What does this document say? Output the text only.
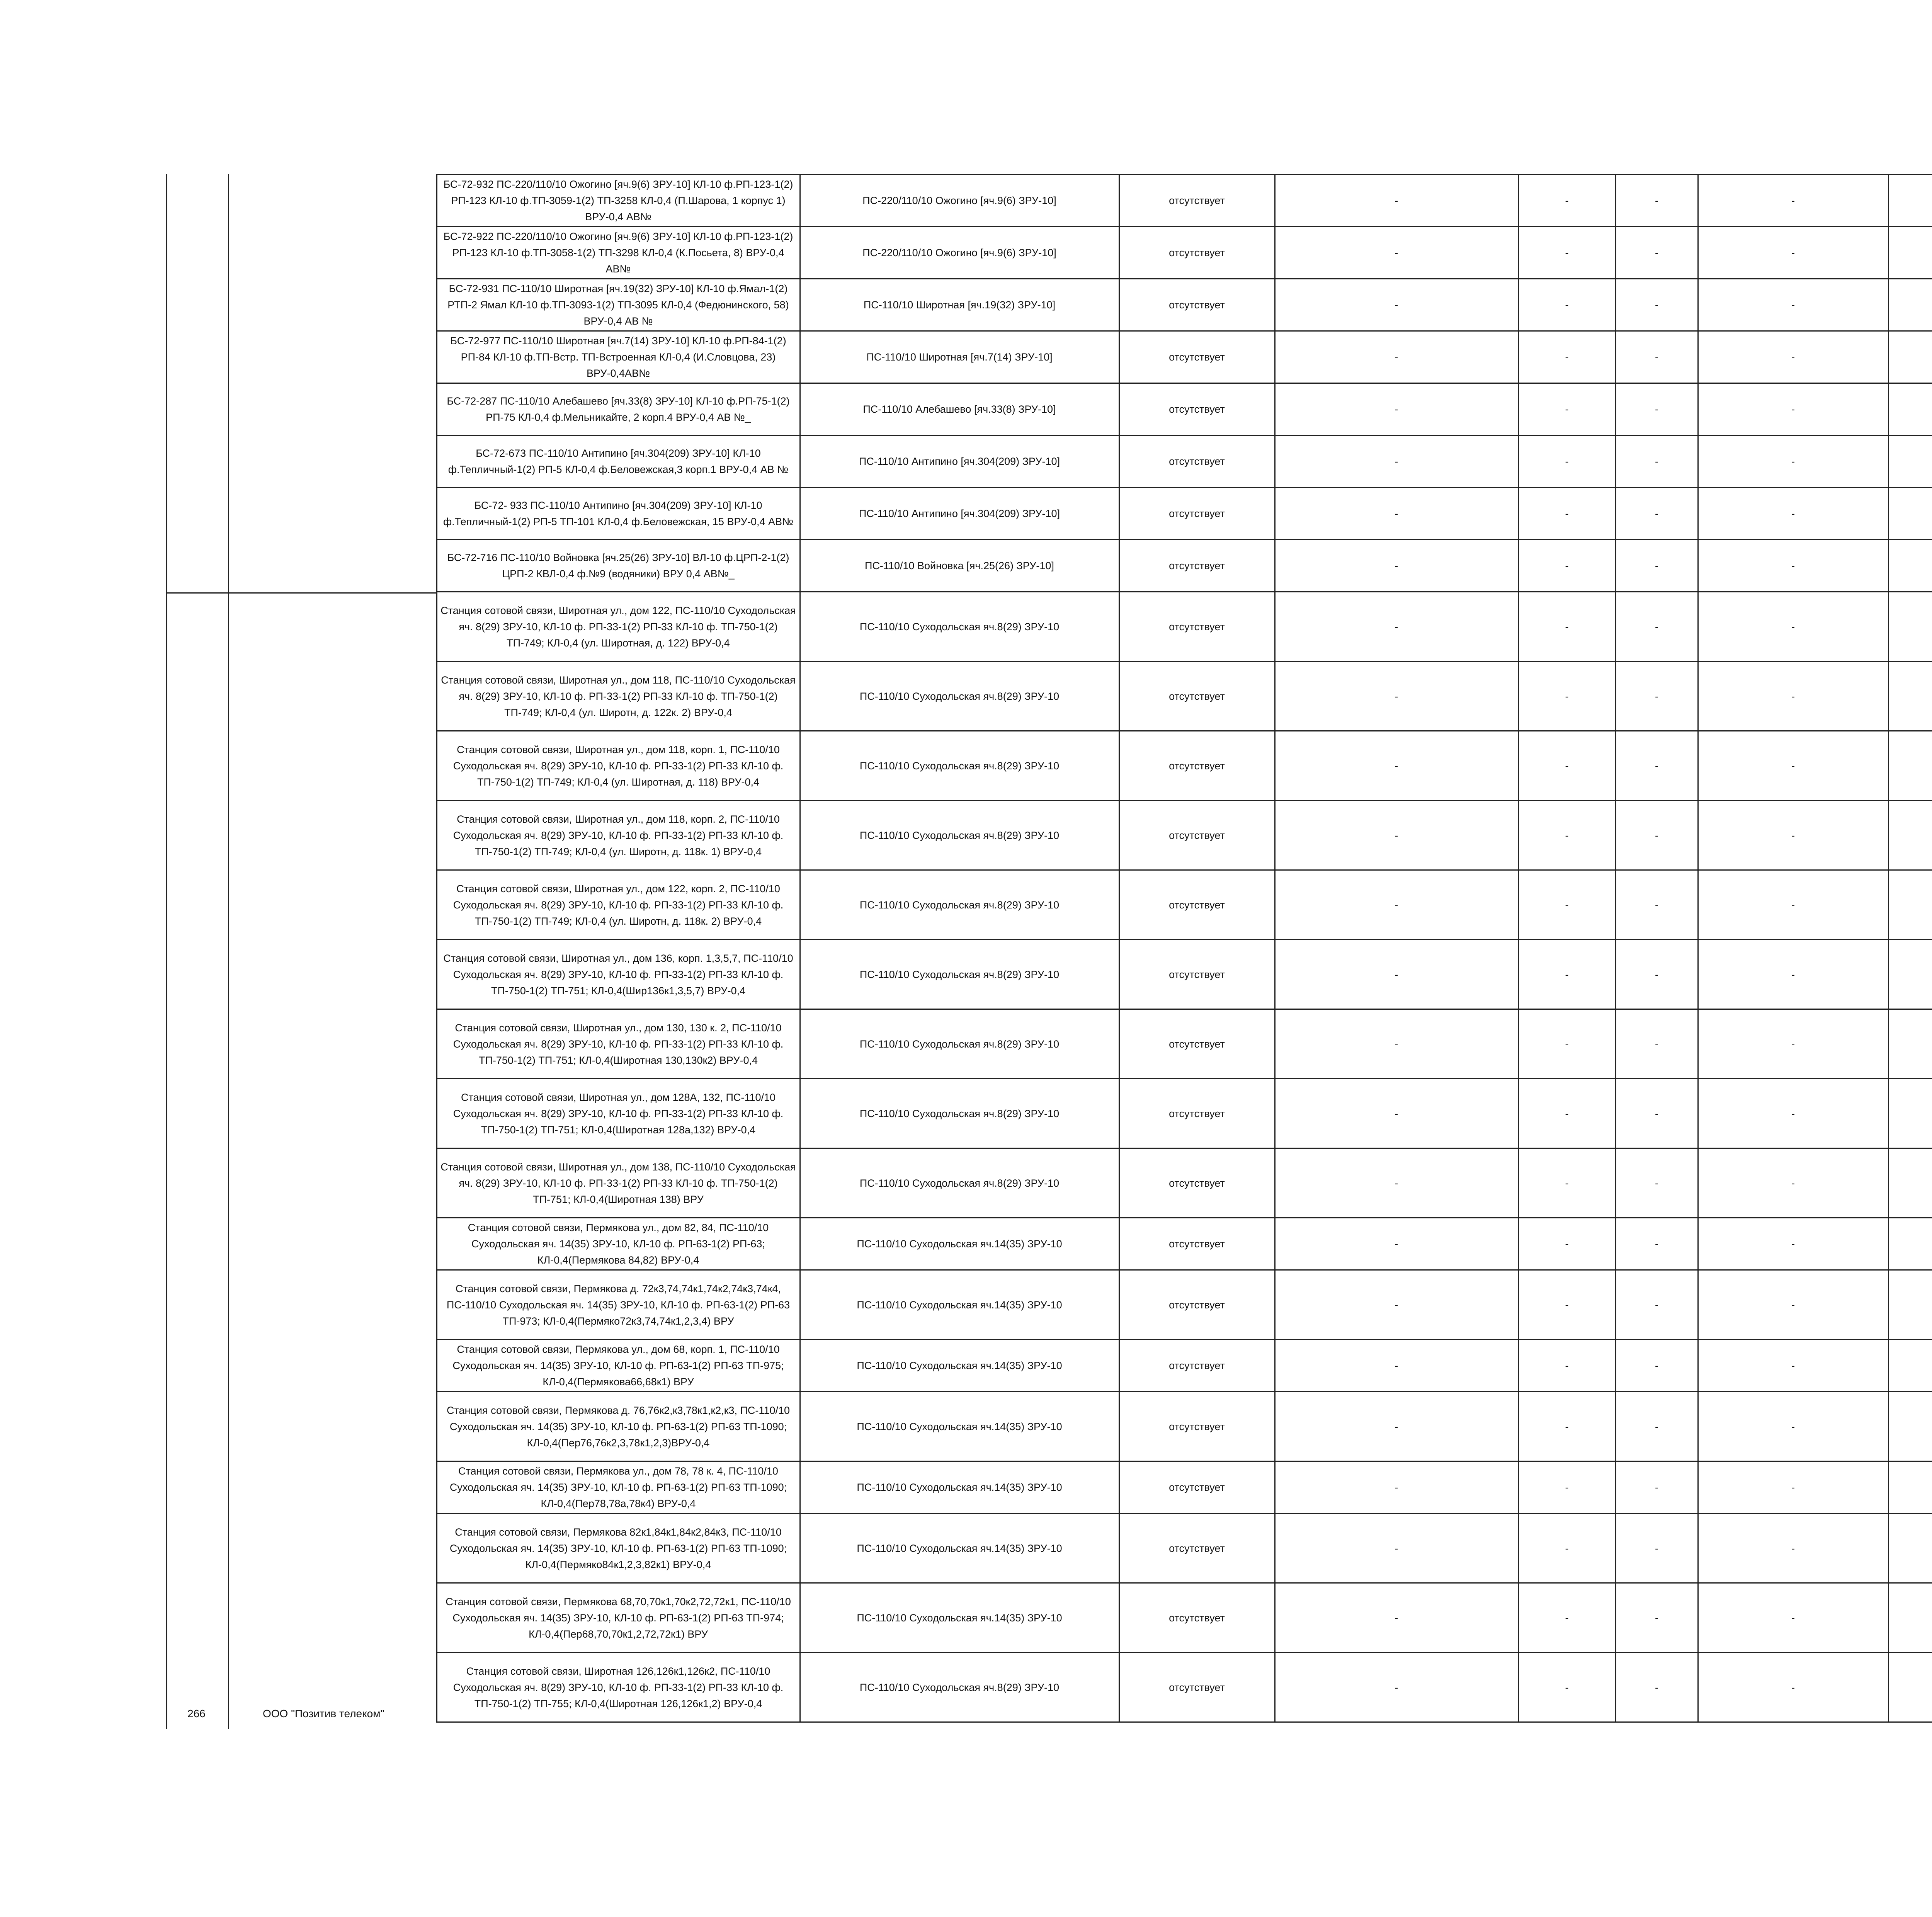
	БС-72-932 ПС-220/110/10 Ожогино [яч.9(6) ЗРУ-10] КЛ-10 ф.РП-123-1(2) РП-123 КЛ-10 ф.ТП-3059-1(2) ТП-3258 КЛ-0,4 (П.Шарова, 1 корпус 1) ВРУ-0,4 АВ№	ПС-220/110/10 Ожогино [яч.9(6) ЗРУ-10]	отсутствует	-	-	-	-		
	БС-72-922 ПС-220/110/10 Ожогино [яч.9(6) ЗРУ-10] КЛ-10 ф.РП-123-1(2) РП-123 КЛ-10 ф.ТП-3058-1(2) ТП-3298 КЛ-0,4 (К.Посьета, 8) ВРУ-0,4 АВ№	ПС-220/110/10 Ожогино [яч.9(6) ЗРУ-10]	отсутствует	-	-	-	-		
	БС-72-931 ПС-110/10 Широтная [яч.19(32) ЗРУ-10] КЛ-10 ф.Ямал-1(2) РТП-2 Ямал КЛ-10 ф.ТП-3093-1(2) ТП-3095 КЛ-0,4 (Федюнинского, 58) ВРУ-0,4 АВ №	ПС-110/10 Широтная [яч.19(32) ЗРУ-10]	отсутствует	-	-	-	-		
	БС-72-977 ПС-110/10 Широтная [яч.7(14) ЗРУ-10] КЛ-10 ф.РП-84-1(2) РП-84 КЛ-10 ф.ТП-Встр. ТП-Встроенная КЛ-0,4 (И.Словцова, 23) ВРУ-0,4АВ№	ПС-110/10 Широтная [яч.7(14) ЗРУ-10]	отсутствует	-	-	-	-		
	БС-72-287 ПС-110/10 Алебашево [яч.33(8) ЗРУ-10] КЛ-10 ф.РП-75-1(2) РП-75 КЛ-0,4 ф.Мельникайте, 2 корп.4 ВРУ-0,4 АВ №_	ПС-110/10 Алебашево [яч.33(8) ЗРУ-10]	отсутствует	-	-	-	-		
	БС-72-673 ПС-110/10 Антипино [яч.304(209) ЗРУ-10] КЛ-10 ф.Тепличный-1(2) РП-5 КЛ-0,4 ф.Беловежская,3 корп.1 ВРУ-0,4 АВ №	ПС-110/10 Антипино [яч.304(209) ЗРУ-10]	отсутствует	-	-	-	-		
	БС-72- 933 ПС-110/10 Антипино [яч.304(209) ЗРУ-10] КЛ-10 ф.Тепличный-1(2) РП-5 ТП-101 КЛ-0,4 ф.Беловежская, 15 ВРУ-0,4 АВ№	ПС-110/10 Антипино [яч.304(209) ЗРУ-10]	отсутствует	-	-	-	-		
	БС-72-716 ПС-110/10 Войновка [яч.25(26) ЗРУ-10] ВЛ-10 ф.ЦРП-2-1(2) ЦРП-2 КВЛ-0,4 ф.№9 (водяники) ВРУ 0,4 АВ№_	ПС-110/10 Войновка [яч.25(26) ЗРУ-10]	отсутствует	-	-	-	-		
	Станция сотовой связи, Широтная ул., дом 122, ПС-110/10 Суходольская яч. 8(29) ЗРУ-10, КЛ-10 ф. РП-33-1(2) РП-33 КЛ-10 ф. ТП-750-1(2) ТП-749; КЛ-0,4 (ул. Широтная, д. 122) ВРУ-0,4	ПС-110/10 Суходольская яч.8(29) ЗРУ-10	отсутствует	-	-	-	-		
	Станция сотовой связи, Широтная ул., дом 118, ПС-110/10 Суходольская яч. 8(29) ЗРУ-10, КЛ-10 ф. РП-33-1(2) РП-33 КЛ-10 ф. ТП-750-1(2) ТП-749; КЛ-0,4 (ул. Широтн, д. 122к. 2) ВРУ-0,4	ПС-110/10 Суходольская яч.8(29) ЗРУ-10	отсутствует	-	-	-	-		
	Станция сотовой связи, Широтная ул., дом 118, корп. 1, ПС-110/10 Суходольская яч. 8(29) ЗРУ-10, КЛ-10 ф. РП-33-1(2) РП-33 КЛ-10 ф. ТП-750-1(2) ТП-749; КЛ-0,4 (ул. Широтная, д. 118) ВРУ-0,4	ПС-110/10 Суходольская яч.8(29) ЗРУ-10	отсутствует	-	-	-	-		
	Станция сотовой связи, Широтная ул., дом 118, корп. 2, ПС-110/10 Суходольская яч. 8(29) ЗРУ-10, КЛ-10 ф. РП-33-1(2) РП-33 КЛ-10 ф. ТП-750-1(2) ТП-749; КЛ-0,4 (ул. Широтн, д. 118к. 1) ВРУ-0,4	ПС-110/10 Суходольская яч.8(29) ЗРУ-10	отсутствует	-	-	-	-		
	Станция сотовой связи, Широтная ул., дом 122, корп. 2, ПС-110/10 Суходольская яч. 8(29) ЗРУ-10, КЛ-10 ф. РП-33-1(2) РП-33 КЛ-10 ф. ТП-750-1(2) ТП-749; КЛ-0,4 (ул. Широтн, д. 118к. 2) ВРУ-0,4	ПС-110/10 Суходольская яч.8(29) ЗРУ-10	отсутствует	-	-	-	-		
	Станция сотовой связи, Широтная ул., дом 136, корп. 1,3,5,7, ПС-110/10 Суходольская яч. 8(29) ЗРУ-10, КЛ-10 ф. РП-33-1(2) РП-33 КЛ-10 ф. ТП-750-1(2) ТП-751; КЛ-0,4(Шир136к1,3,5,7) ВРУ-0,4	ПС-110/10 Суходольская яч.8(29) ЗРУ-10	отсутствует	-	-	-	-		
	Станция сотовой связи, Широтная ул., дом 130, 130 к. 2, ПС-110/10 Суходольская яч. 8(29) ЗРУ-10, КЛ-10 ф. РП-33-1(2) РП-33 КЛ-10 ф. ТП-750-1(2) ТП-751; КЛ-0,4(Широтная 130,130к2) ВРУ-0,4	ПС-110/10 Суходольская яч.8(29) ЗРУ-10	отсутствует	-	-	-	-		
	Станция сотовой связи, Широтная ул., дом 128А, 132, ПС-110/10 Суходольская яч. 8(29) ЗРУ-10, КЛ-10 ф. РП-33-1(2) РП-33 КЛ-10 ф. ТП-750-1(2) ТП-751; КЛ-0,4(Широтная 128а,132) ВРУ-0,4	ПС-110/10 Суходольская яч.8(29) ЗРУ-10	отсутствует	-	-	-	-		
	Станция сотовой связи, Широтная ул., дом 138, ПС-110/10 Суходольская яч. 8(29) ЗРУ-10, КЛ-10 ф. РП-33-1(2) РП-33 КЛ-10 ф. ТП-750-1(2) ТП-751; КЛ-0,4(Широтная 138) ВРУ	ПС-110/10 Суходольская яч.8(29) ЗРУ-10	отсутствует	-	-	-	-		
	Станция сотовой связи, Пермякова ул., дом 82, 84, ПС-110/10 Суходольская яч. 14(35) ЗРУ-10, КЛ-10 ф. РП-63-1(2) РП-63; КЛ-0,4(Пермякова 84,82) ВРУ-0,4	ПС-110/10 Суходольская яч.14(35) ЗРУ-10	отсутствует	-	-	-	-		
	Станция сотовой связи, Пермякова д. 72к3,74,74к1,74к2,74к3,74к4, ПС-110/10 Суходольская яч. 14(35) ЗРУ-10, КЛ-10 ф. РП-63-1(2) РП-63 ТП-973; КЛ-0,4(Пермяко72к3,74,74к1,2,3,4) ВРУ	ПС-110/10 Суходольская яч.14(35) ЗРУ-10	отсутствует	-	-	-	-		
	Станция сотовой связи, Пермякова ул., дом 68, корп. 1, ПС-110/10 Суходольская яч. 14(35) ЗРУ-10, КЛ-10 ф. РП-63-1(2) РП-63 ТП-975; КЛ-0,4(Пермякова66,68к1) ВРУ	ПС-110/10 Суходольская яч.14(35) ЗРУ-10	отсутствует	-	-	-	-		
	Станция сотовой связи, Пермякова д. 76,76к2,к3,78к1,к2,к3, ПС-110/10 Суходольская яч. 14(35) ЗРУ-10, КЛ-10 ф. РП-63-1(2) РП-63 ТП-1090; КЛ-0,4(Пер76,76к2,3,78к1,2,3)ВРУ-0,4	ПС-110/10 Суходольская яч.14(35) ЗРУ-10	отсутствует	-	-	-	-		
	Станция сотовой связи, Пермякова ул., дом 78, 78 к. 4, ПС-110/10 Суходольская яч. 14(35) ЗРУ-10, КЛ-10 ф. РП-63-1(2) РП-63 ТП-1090; КЛ-0,4(Пер78,78а,78к4) ВРУ-0,4	ПС-110/10 Суходольская яч.14(35) ЗРУ-10	отсутствует	-	-	-	-		
	Станция сотовой связи, Пермякова 82к1,84к1,84к2,84к3, ПС-110/10 Суходольская яч. 14(35) ЗРУ-10, КЛ-10 ф. РП-63-1(2) РП-63 ТП-1090; КЛ-0,4(Пермяко84к1,2,3,82к1) ВРУ-0,4	ПС-110/10 Суходольская яч.14(35) ЗРУ-10	отсутствует	-	-	-	-		
	Станция сотовой связи, Пермякова 68,70,70к1,70к2,72,72к1, ПС-110/10 Суходольская яч. 14(35) ЗРУ-10, КЛ-10 ф. РП-63-1(2) РП-63 ТП-974; КЛ-0,4(Пер68,70,70к1,2,72,72к1) ВРУ	ПС-110/10 Суходольская яч.14(35) ЗРУ-10	отсутствует	-	-	-	-		
	Станция сотовой связи, Широтная 126,126к1,126к2, ПС-110/10 Суходольская яч. 8(29) ЗРУ-10, КЛ-10 ф. РП-33-1(2) РП-33 КЛ-10 ф. ТП-750-1(2) ТП-755; КЛ-0,4(Широтная 126,126к1,2) ВРУ-0,4	ПС-110/10 Суходольская яч.8(29) ЗРУ-10	отсутствует	-	-	-	-		
266	ООО "Позитив телеком"
